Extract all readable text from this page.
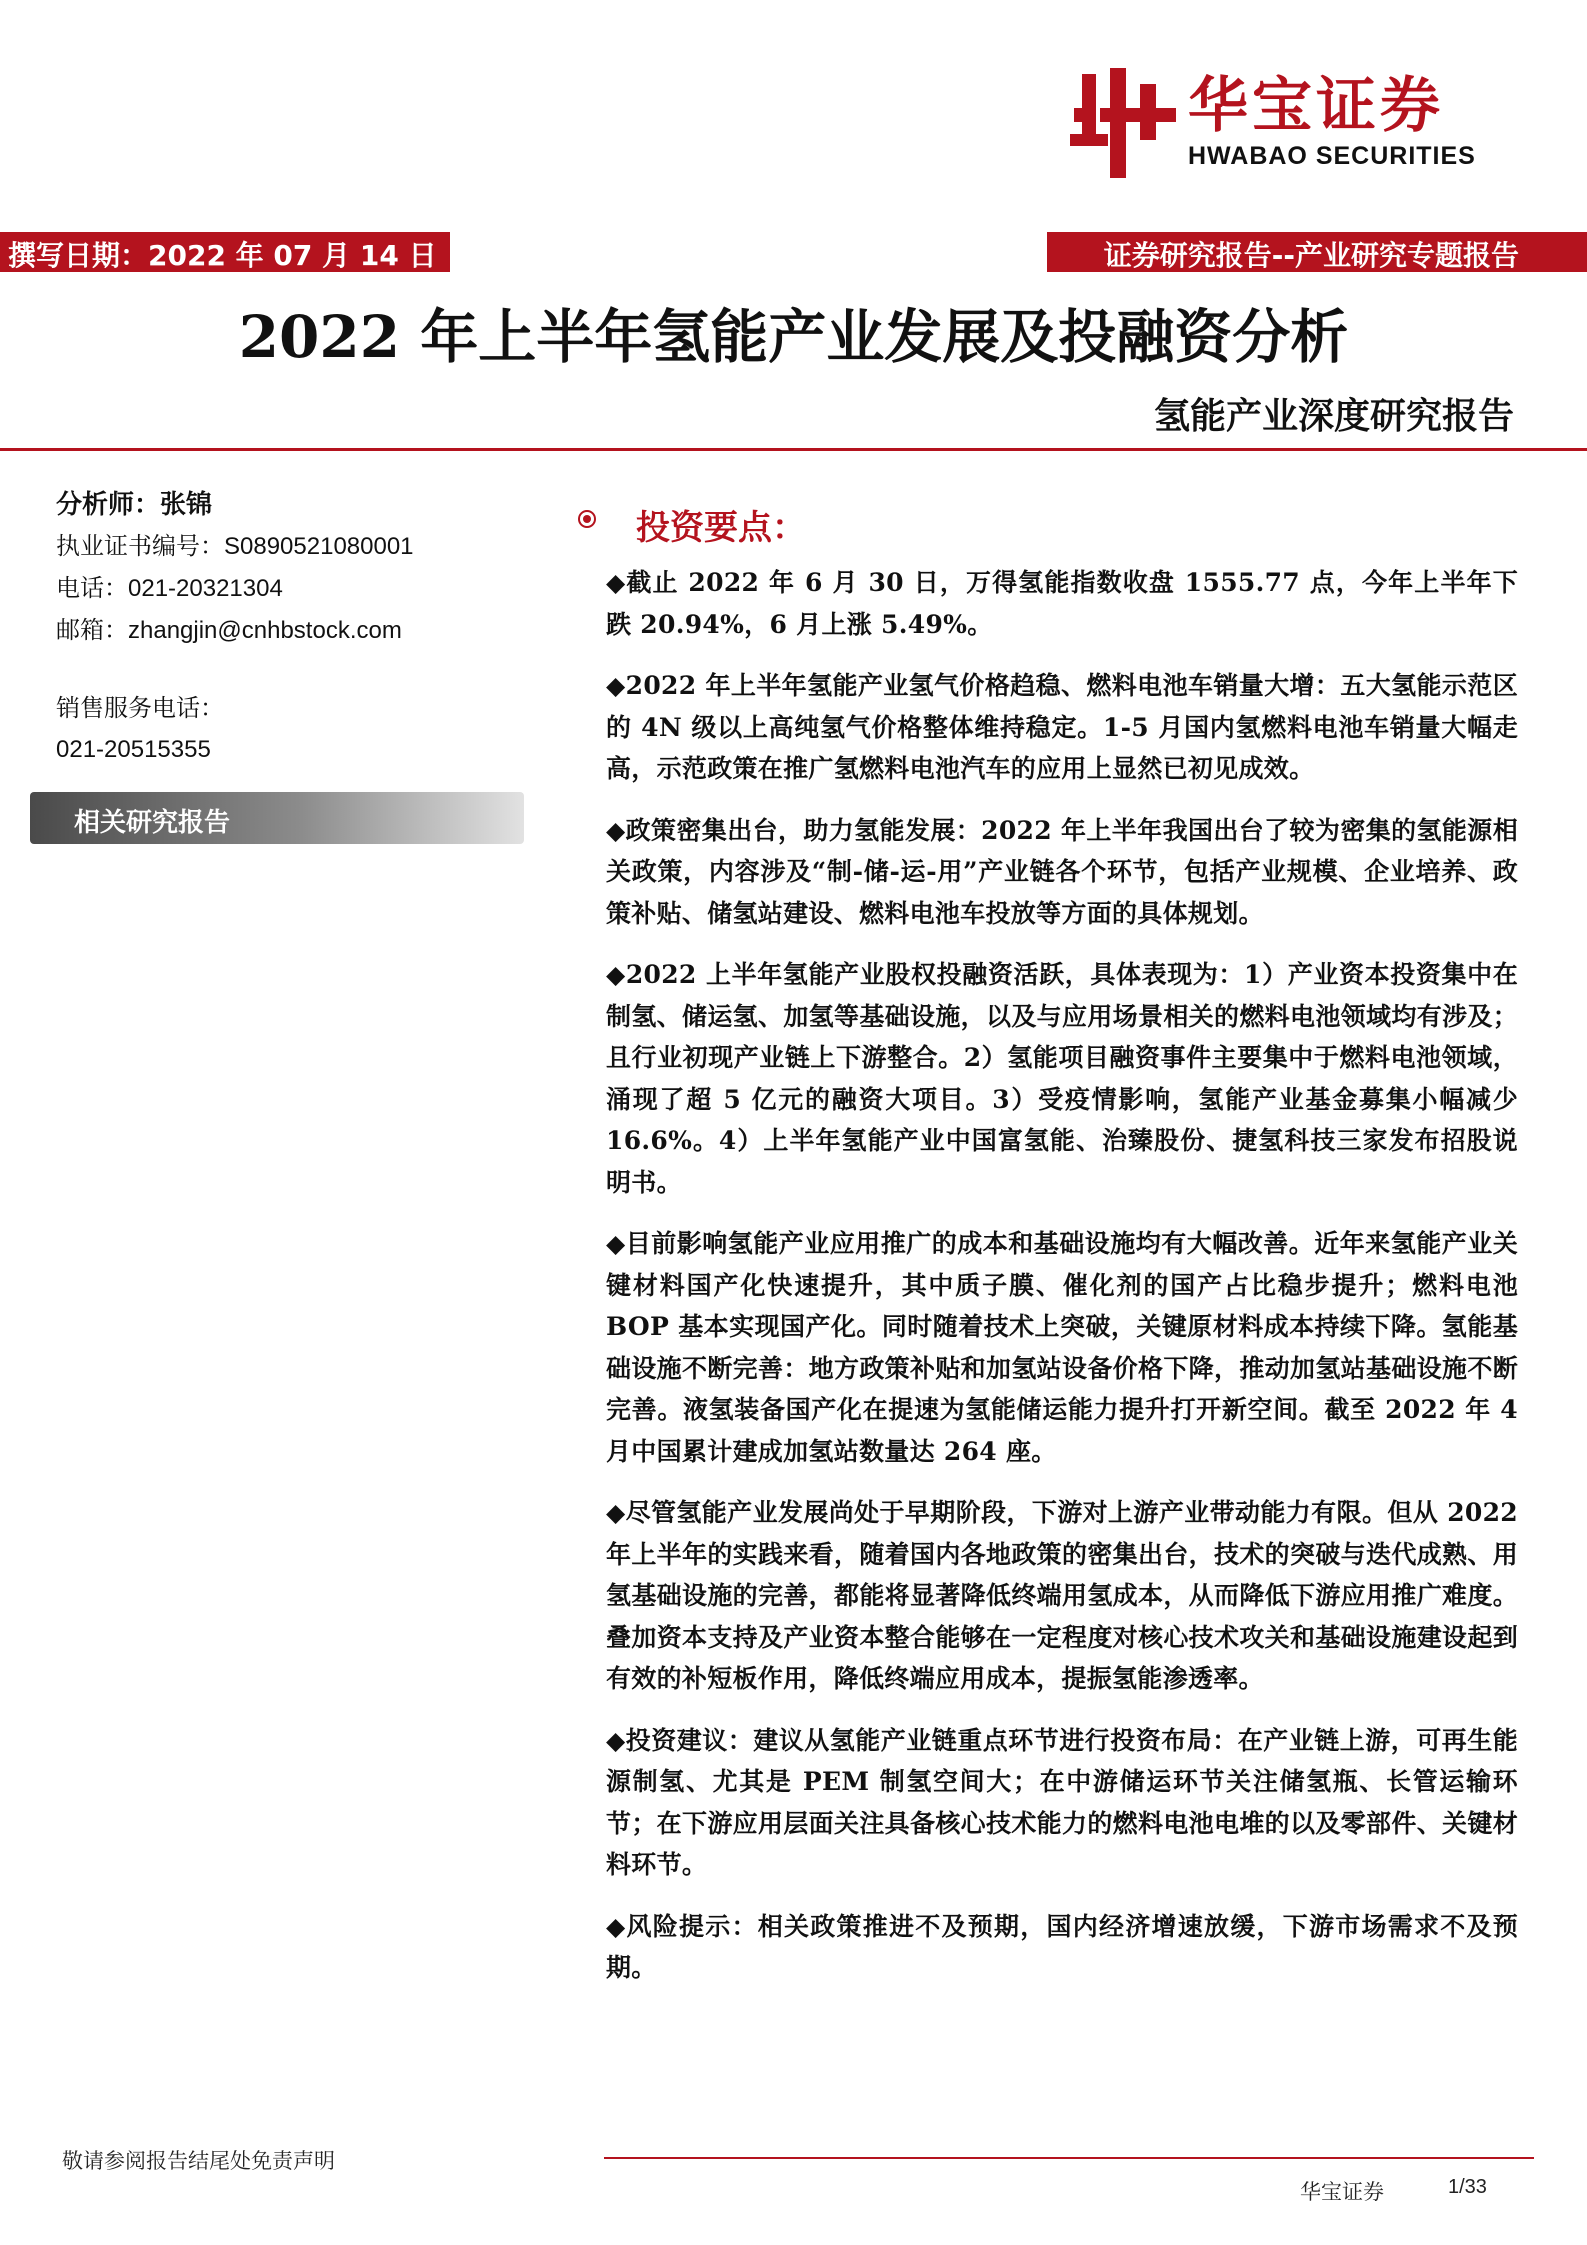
华宝证券
HWABAO SECURITIES
撰写日期：2022 年 07 月 14 日	证券研究报告--产业研究专题报告
2022 年上半年氢能产业发展及投融资分析
氢能产业深度研究报告
分析师：张锦
执业证书编号：S0890521080001
电话：021-20321304
邮箱：zhangjin@cnhbstock.com
销售服务电话：
021-20515355
相关研究报告
投资要点：

◆截止 2022 年 6 月 30 日，万得氢能指数收盘 1555.77 点，今年上半年下跌 20.94%，6 月上涨 5.49%。

◆2022 年上半年氢能产业氢气价格趋稳、燃料电池车销量大增：五大氢能示范区的 4N 级以上高纯氢气价格整体维持稳定。1-5 月国内氢燃料电池车销量大幅走高，示范政策在推广氢燃料电池汽车的应用上显然已初见成效。

◆政策密集出台，助力氢能发展：2022 年上半年我国出台了较为密集的氢能源相关政策，内容涉及“制-储-运-用”产业链各个环节，包括产业规模、企业培养、政策补贴、储氢站建设、燃料电池车投放等方面的具体规划。

◆2022 上半年氢能产业股权投融资活跃，具体表现为：1）产业资本投资集中在制氢、储运氢、加氢等基础设施，以及与应用场景相关的燃料电池领域均有涉及；且行业初现产业链上下游整合。2）氢能项目融资事件主要集中于燃料电池领域，涌现了超 5 亿元的融资大项目。3）受疫情影响，氢能产业基金募集小幅减少 16.6%。4）上半年氢能产业中国富氢能、治臻股份、捷氢科技三家发布招股说明书。

◆目前影响氢能产业应用推广的成本和基础设施均有大幅改善。近年来氢能产业关键材料国产化快速提升，其中质子膜、催化剂的国产占比稳步提升；燃料电池 BOP 基本实现国产化。同时随着技术上突破，关键原材料成本持续下降。氢能基础设施不断完善：地方政策补贴和加氢站设备价格下降，推动加氢站基础设施不断完善。液氢装备国产化在提速为氢能储运能力提升打开新空间。截至 2022 年 4 月中国累计建成加氢站数量达 264 座。

◆尽管氢能产业发展尚处于早期阶段，下游对上游产业带动能力有限。但从 2022 年上半年的实践来看，随着国内各地政策的密集出台，技术的突破与迭代成熟、用氢基础设施的完善，都能将显著降低终端用氢成本，从而降低下游应用推广难度。叠加资本支持及产业资本整合能够在一定程度对核心技术攻关和基础设施建设起到有效的补短板作用，降低终端应用成本，提振氢能渗透率。

◆投资建议：建议从氢能产业链重点环节进行投资布局：在产业链上游，可再生能源制氢、尤其是 PEM 制氢空间大；在中游储运环节关注储氢瓶、长管运输环节；在下游应用层面关注具备核心技术能力的燃料电池电堆的以及零部件、关键材料环节。

◆风险提示：相关政策推进不及预期，国内经济增速放缓，下游市场需求不及预期。

敬请参阅报告结尾处免责声明
华宝证券	1/33
